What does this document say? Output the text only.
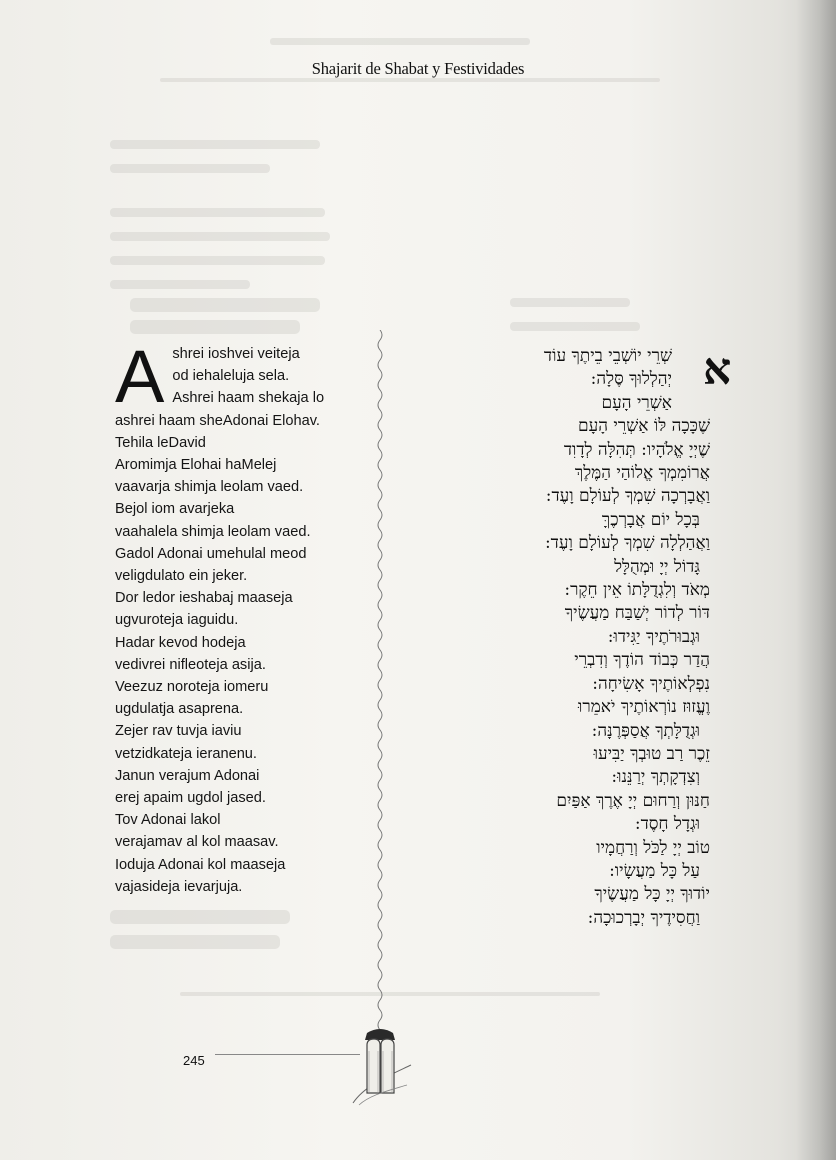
Shajarit de Shabat y Festividades
A shrei ioshvei veiteja
od iehaleluja sela.
Ashrei haam shekaja lo
ashrei haam sheAdonai Elohav.
Tehila leDavid
Aromimja Elohai haMelej
vaavarja shimja leolam vaed.
Bejol iom avarjeka
vaahalela shimja leolam vaed.
Gadol Adonai umehulal meod
veligdulato ein jeker.
Dor ledor ieshabaj maaseja
ugvuroteja iaguidu.
Hadar kevod hodeja
vedivrei nifleoteja asija.
Veezuz noroteja iomeru
ugdulatja asaprena.
Zejer rav tuvja iaviu
vetzidkateja ieranenu.
Janun verajum Adonai
erej apaim ugdol jased.
Tov Adonai lakol
verajamav al kol maasav.
Ioduja Adonai kol maaseja
vajasideja ievarjuja.
א
שְׁרֵי יוֹשְׁבֵי בֵיתֶךָ עוֹד
יְהַלְלוּךָ סֶּלָה:
אַשְׁרֵי הָעָם
שֶׁכָּכָה לּוֹ אַשְׁרֵי הָעָם
שֶׁיְיָ אֱלֹהָיו: תְּהִלָּה לְדָוִד
אֲרוֹמִמְךָ אֱלוֹהַי הַמֶּלֶךְ
וַאֲבָרְכָה שִׁמְךָ לְעוֹלָם וָעֶד:
בְּכָל יוֹם אֲבָרְכֶךָּ
וַאֲהַלְלָה שִׁמְךָ לְעוֹלָם וָעֶד:
גָּדוֹל יְיָ וּמְהֻלָּל
מְאֹד וְלִגְדֻלָּתוֹ אֵין חֵקֶר:
דּוֹר לְדוֹר יְשַׁבַּח מַעֲשֶׂיךָ
וּגְבוּרֹתֶיךָ יַגִּידוּ:
הֲדַר כְּבוֹד הוֹדֶךָ וְדִבְרֵי
נִפְלְאוֹתֶיךָ אָשִׂיחָה:
וֶעֱזוּז נוֹרְאוֹתֶיךָ יֹאמֵרוּ
וּגְדֻלָּתְךָ אֲסַפְּרֶנָּה:
זֵכֶר רַב טוּבְךָ יַבִּיעוּ
וְצִדְקָתְךָ יְרַנֵּנוּ:
חַנּוּן וְרַחוּם יְיָ אֶרֶךְ אַפַּיִם
וּגְדָל חָסֶד:
טוֹב יְיָ לַכֹּל וְרַחֲמָיו
עַל כָּל מַעֲשָׂיו:
יוֹדוּךָ יְיָ כָּל מַעֲשֶׂיךָ
וַחֲסִידֶיךָ יְבָרְכוּכָה:
245
